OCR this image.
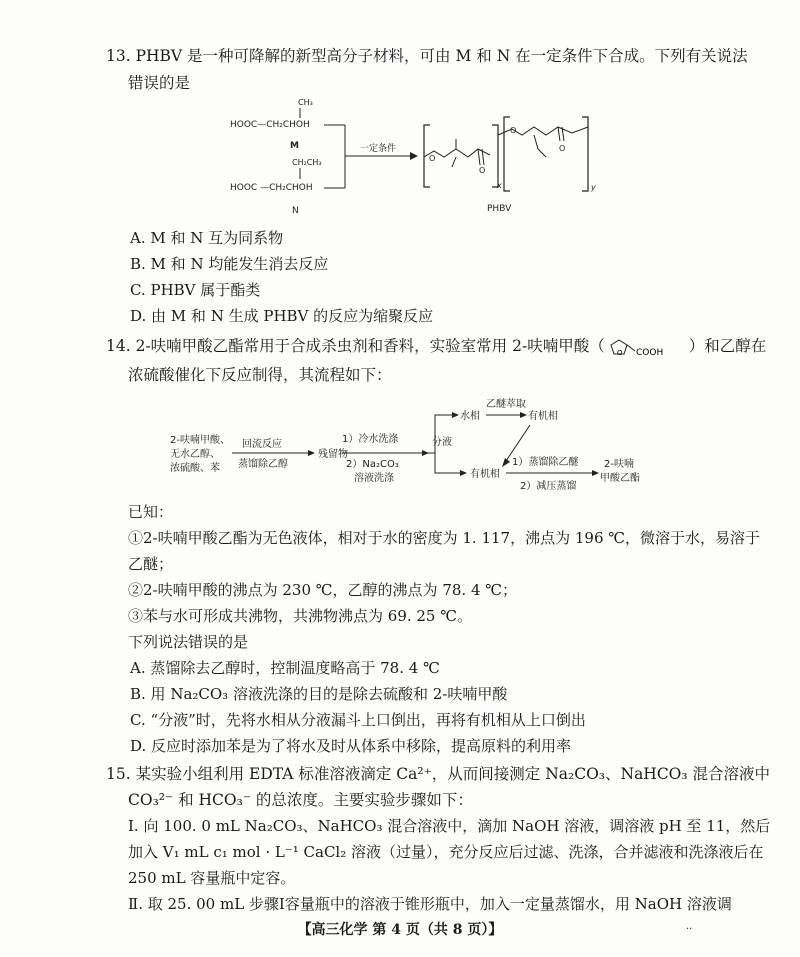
13. PHBV 是一种可降解的新型高分子材料，可由 M 和 N 在一定条件下合成。下列有关说法
错误的是
CH₃
HOOC—CH₂CHOH
M
CH₂CH₃
HOOC —CH₂CHOH
N
一定条件
x	y
O
O
O
O
PHBV
A. M 和 N 互为同系物
B. M 和 N 均能发生消去反应
C. PHBV 属于酯类
D. 由 M 和 N 生成 PHBV 的反应为缩聚反应
14. 2-呋喃甲酸乙酯常用于合成杀虫剂和香料，实验室常用 2-呋喃甲酸（ O COOH ）和乙醇在
浓硫酸催化下反应制得，其流程如下：
2-呋喃甲酸、
无水乙醇、
浓硫酸、苯
回流反应
蒸馏除乙醇
残留物
1）冷水洗涤
2）Na₂CO₃
溶液洗涤
分液
水相
乙醚萃取
有机相
有机相
1）蒸馏除乙醚
2）减压蒸馏
2-呋喃
甲酸乙酯
已知：
①2-呋喃甲酸乙酯为无色液体，相对于水的密度为 1. 117，沸点为 196 ℃，微溶于水，易溶于
乙醚；
②2-呋喃甲酸的沸点为 230 ℃，乙醇的沸点为 78. 4 ℃；
③苯与水可形成共沸物，共沸物沸点为 69. 25 ℃。
下列说法错误的是
A. 蒸馏除去乙醇时，控制温度略高于 78. 4 ℃
B. 用 Na₂CO₃ 溶液洗涤的目的是除去硫酸和 2-呋喃甲酸
C. “分液”时，先将水相从分液漏斗上口倒出，再将有机相从上口倒出
D. 反应时添加苯是为了将水及时从体系中移除，提高原料的利用率
15. 某实验小组利用 EDTA 标准溶液滴定 Ca²⁺，从而间接测定 Na₂CO₃、NaHCO₃ 混合溶液中
CO₃²⁻ 和 HCO₃⁻ 的总浓度。主要实验步骤如下：
Ⅰ. 向 100. 0 mL Na₂CO₃、NaHCO₃ 混合溶液中，滴加 NaOH 溶液，调溶液 pH 至 11，然后
加入 V₁ mL c₁ mol · L⁻¹ CaCl₂ 溶液（过量），充分反应后过滤、洗涤，合并滤液和洗涤液后在
250 mL 容量瓶中定容。
Ⅱ. 取 25. 00 mL 步骤Ⅰ容量瓶中的溶液于锥形瓶中，加入一定量蒸馏水，用 NaOH 溶液调
【高三化学 第 4 页（共 8 页）】	··
